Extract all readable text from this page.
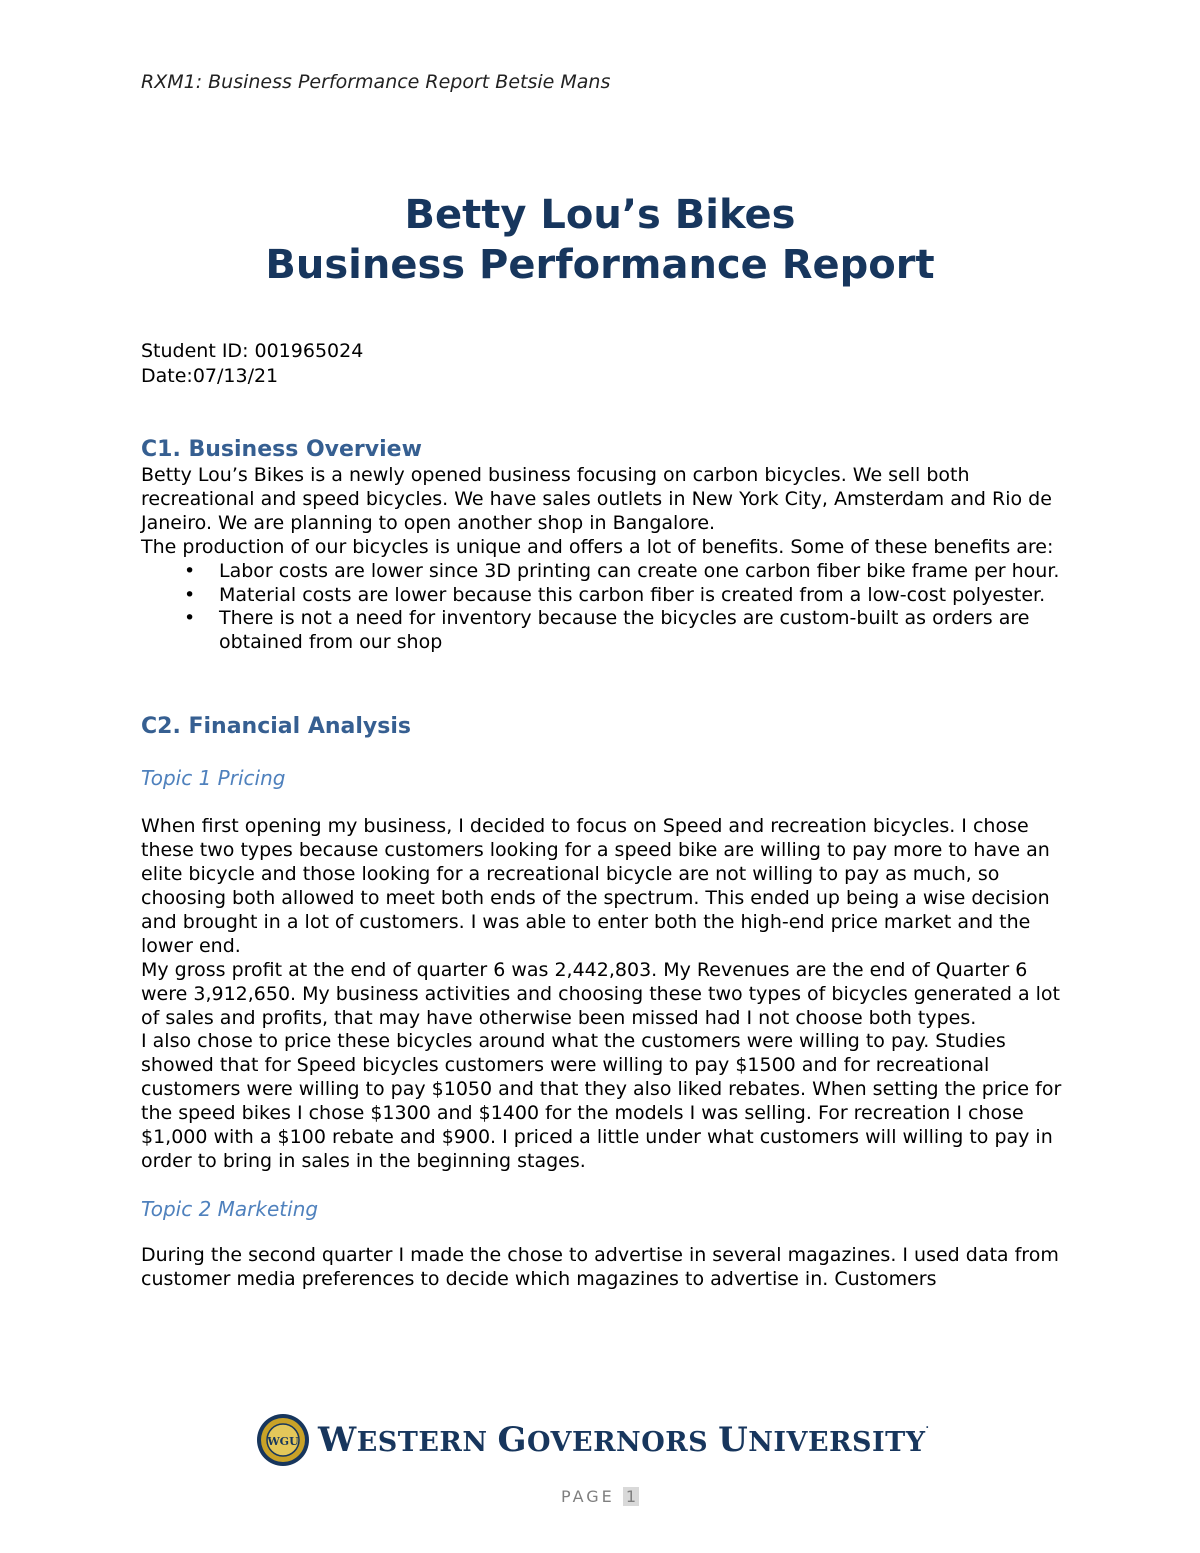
RXM1: Business Performance Report Betsie Mans
Betty Lou’s Bikes
Business Performance Report
Student ID: 001965024
Date:07/13/21
C1. Business Overview

Betty Lou’s Bikes is a newly opened business focusing on carbon bicycles. We sell both recreational and speed bicycles. We have sales outlets in New York City, Amsterdam and Rio de Janeiro. We are planning to open another shop in Bangalore.

The production of our bicycles is unique and offers a lot of benefits. Some of these benefits are:

• Labor costs are lower since 3D printing can create one carbon fiber bike frame per hour.
• Material costs are lower because this carbon fiber is created from a low-cost polyester.
• There is not a need for inventory because the bicycles are custom-built as orders are obtained from our shop
C2. Financial Analysis
Topic 1 Pricing

When first opening my business, I decided to focus on Speed and recreation bicycles. I chose these two types because customers looking for a speed bike are willing to pay more to have an elite bicycle and those looking for a recreational bicycle are not willing to pay as much, so choosing both allowed to meet both ends of the spectrum. This ended up being a wise decision and brought in a lot of customers. I was able to enter both the high-end price market and the lower end.

My gross profit at the end of quarter 6 was 2,442,803. My Revenues are the end of Quarter 6 were 3,912,650. My business activities and choosing these two types of bicycles generated a lot of sales and profits, that may have otherwise been missed had I not choose both types.

I also chose to price these bicycles around what the customers were willing to pay. Studies showed that for Speed bicycles customers were willing to pay $1500 and for recreational customers were willing to pay $1050 and that they also liked rebates. When setting the price for the speed bikes I chose $1300 and $1400 for the models I was selling. For recreation I chose $1,000 with a $100 rebate and $900. I priced a little under what customers will willing to pay in order to bring in sales in the beginning stages.

Topic 2 Marketing

During the second quarter I made the chose to advertise in several magazines. I used data from customer media preferences to decide which magazines to advertise in. Customers

WGU WESTERN GOVERNORS UNIVERSITY.
PAGE 1
